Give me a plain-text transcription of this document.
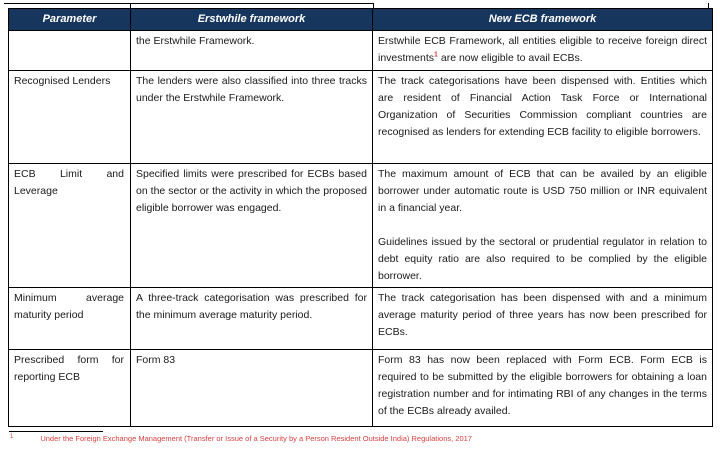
Parameter	Erstwhile framework	New ECB framework

	the Erstwhile Framework.	Erstwhile ECB Framework, all entities eligible to receive foreign direct investments$^1$ are now eligible to avail ECBs.

Recognised Lenders	The lenders were also classified into three tracks under the Erstwhile Framework.	The track categorisations have been dispensed with. Entities which are resident of Financial Action Task Force or International Organization of Securities Commission compliant countries are recognised as lenders for extending ECB facility to eligible borrowers.

ECB Limit and Leverage	Specified limits were prescribed for ECBs based on the sector or the activity in which the proposed eligible borrower was engaged.	The maximum amount of ECB that can be availed by an eligible borrower under automatic route is USD 750 million or INR equivalent in a financial year.

Guidelines issued by the sectoral or prudential regulator in relation to debt equity ratio are also required to be complied by the eligible borrower.

Minimum average maturity period	A three-track categorisation was prescribed for the minimum average maturity period.	The track categorisation has been dispensed with and a minimum average maturity period of three years has now been prescribed for ECBs.

Prescribed form for reporting ECB	Form 83	Form 83 has now been replaced with Form ECB. Form ECB is required to be submitted by the eligible borrowers for obtaining a loan registration number and for intimating RBI of any changes in the terms of the ECBs already availed.

$^1$	Under the Foreign Exchange Management (Transfer or Issue of a Security by a Person Resident Outside India) Regulations, 2017
